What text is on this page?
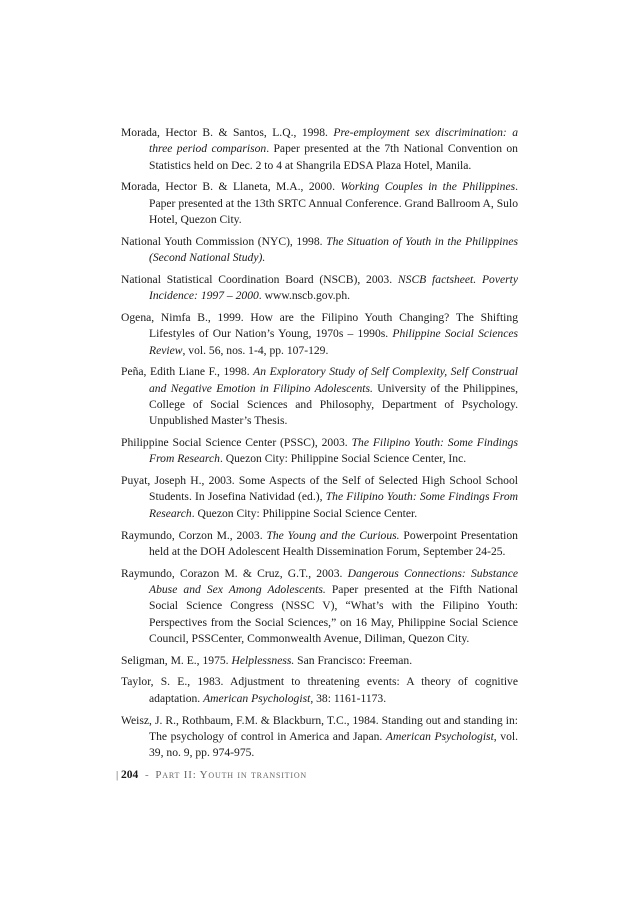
Morada, Hector B. & Santos, L.Q., 1998. Pre-employment sex discrimination: a three period comparison. Paper presented at the 7th National Convention on Statistics held on Dec. 2 to 4 at Shangrila EDSA Plaza Hotel, Manila.

Morada, Hector B. & Llaneta, M.A., 2000. Working Couples in the Philippines. Paper presented at the 13th SRTC Annual Conference. Grand Ballroom A, Sulo Hotel, Quezon City.

National Youth Commission (NYC), 1998. The Situation of Youth in the Philippines (Second National Study).

National Statistical Coordination Board (NSCB), 2003. NSCB factsheet. Poverty Incidence: 1997 – 2000. www.nscb.gov.ph.

Ogena, Nimfa B., 1999. How are the Filipino Youth Changing? The Shifting Lifestyles of Our Nation’s Young, 1970s – 1990s. Philippine Social Sciences Review, vol. 56, nos. 1-4, pp. 107-129.

Peña, Edith Liane F., 1998. An Exploratory Study of Self Complexity, Self Construal and Negative Emotion in Filipino Adolescents. University of the Philippines, College of Social Sciences and Philosophy, Department of Psychology. Unpublished Master’s Thesis.

Philippine Social Science Center (PSSC), 2003. The Filipino Youth: Some Findings From Research. Quezon City: Philippine Social Science Center, Inc.

Puyat, Joseph H., 2003. Some Aspects of the Self of Selected High School School Students. In Josefina Natividad (ed.), The Filipino Youth: Some Findings From Research. Quezon City: Philippine Social Science Center.

Raymundo, Corzon M., 2003. The Young and the Curious. Powerpoint Presentation held at the DOH Adolescent Health Dissemination Forum, September 24-25.

Raymundo, Corazon M. & Cruz, G.T., 2003. Dangerous Connections: Substance Abuse and Sex Among Adolescents. Paper presented at the Fifth National Social Science Congress (NSSC V), “What’s with the Filipino Youth: Perspectives from the Social Sciences,” on 16 May, Philippine Social Science Council, PSSCenter, Commonwealth Avenue, Diliman, Quezon City.

Seligman, M. E., 1975. Helplessness. San Francisco: Freeman.

Taylor, S. E., 1983. Adjustment to threatening events: A theory of cognitive adaptation. American Psychologist, 38: 1161-1173.

Weisz, J. R., Rothbaum, F.M. & Blackburn, T.C., 1984. Standing out and standing in: The psychology of control in America and Japan. American Psychologist, vol. 39, no. 9, pp. 974-975.

| 204 - Part II: Youth in transition
